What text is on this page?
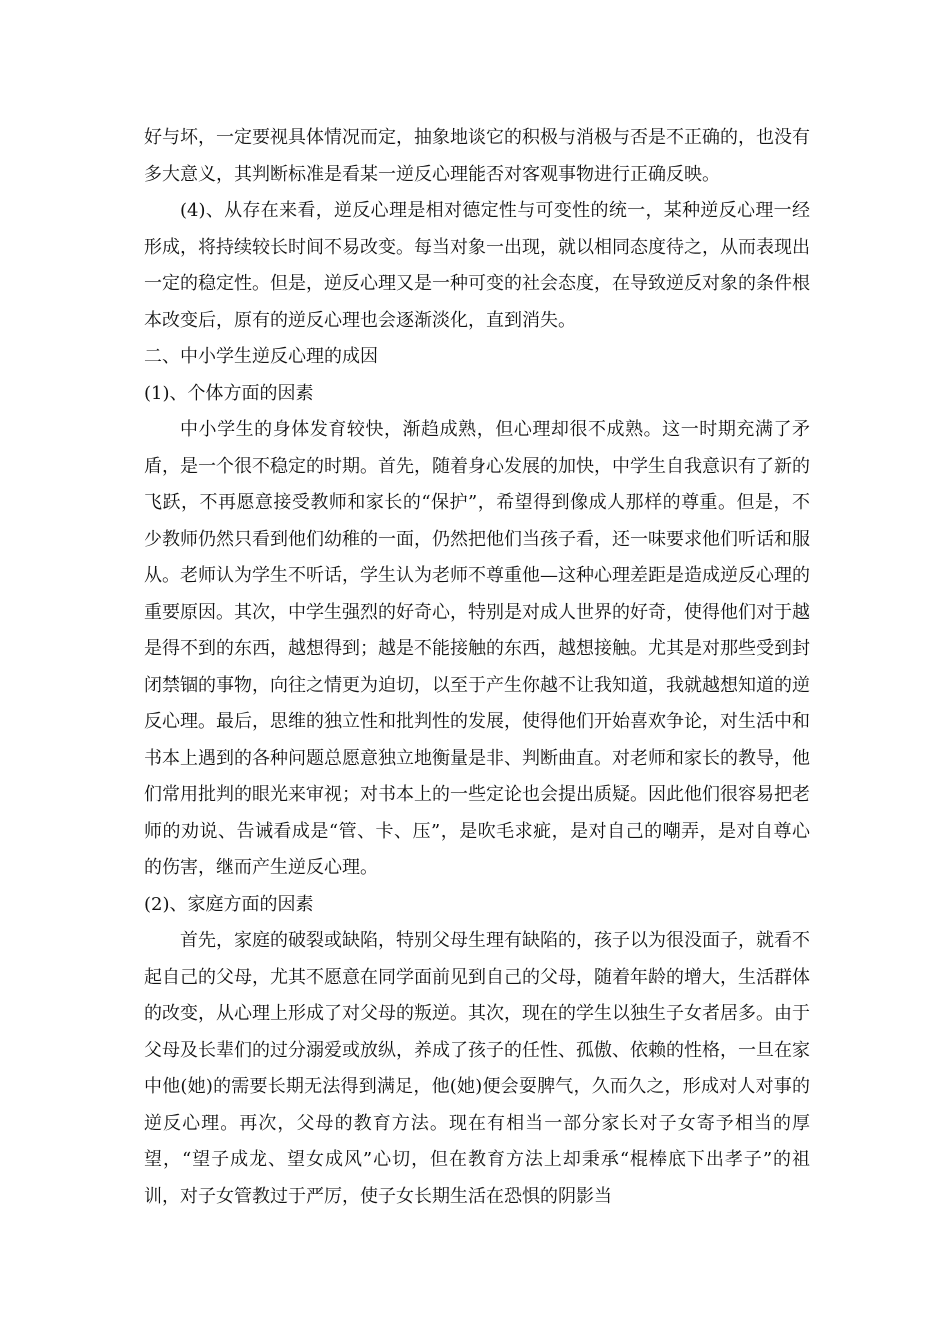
好与坏，一定要视具体情况而定，抽象地谈它的积极与消极与否是不正确的，也没有多大意义，其判断标准是看某一逆反心理能否对客观事物进行正确反映。

(4)、从存在来看，逆反心理是相对德定性与可变性的统一，某种逆反心理一经形成，将持续较长时间不易改变。每当对象一出现，就以相同态度待之，从而表现出一定的稳定性。但是，逆反心理又是一种可变的社会态度，在导致逆反对象的条件根本改变后，原有的逆反心理也会逐渐淡化，直到消失。

二、中小学生逆反心理的成因

(1)、个体方面的因素

中小学生的身体发育较快，渐趋成熟，但心理却很不成熟。这一时期充满了矛盾，是一个很不稳定的时期。首先，随着身心发展的加快，中学生自我意识有了新的飞跃，不再愿意接受教师和家长的“保护”，希望得到像成人那样的尊重。但是，不少教师仍然只看到他们幼稚的一面，仍然把他们当孩子看，还一味要求他们听话和服从。老师认为学生不听话，学生认为老师不尊重他—这种心理差距是造成逆反心理的重要原因。其次，中学生强烈的好奇心，特别是对成人世界的好奇，使得他们对于越是得不到的东西，越想得到；越是不能接触的东西，越想接触。尤其是对那些受到封闭禁锢的事物，向往之情更为迫切，以至于产生你越不让我知道，我就越想知道的逆反心理。最后，思维的独立性和批判性的发展，使得他们开始喜欢争论，对生活中和书本上遇到的各种问题总愿意独立地衡量是非、判断曲直。对老师和家长的教导，他们常用批判的眼光来审视；对书本上的一些定论也会提出质疑。因此他们很容易把老师的劝说、告诫看成是“管、卡、压”，是吹毛求疵，是对自己的嘲弄，是对自尊心的伤害，继而产生逆反心理。

(2)、家庭方面的因素

首先，家庭的破裂或缺陷，特别父母生理有缺陷的，孩子以为很没面子，就看不起自己的父母，尤其不愿意在同学面前见到自己的父母，随着年龄的增大，生活群体的改变，从心理上形成了对父母的叛逆。其次，现在的学生以独生子女者居多。由于父母及长辈们的过分溺爱或放纵，养成了孩子的任性、孤傲、依赖的性格，一旦在家中他(她)的需要长期无法得到满足，他(她)便会耍脾气，久而久之，形成对人对事的逆反心理。再次，父母的教育方法。现在有相当一部分家长对子女寄予相当的厚望，“望子成龙、望女成风”心切，但在教育方法上却秉承“棍棒底下出孝子”的祖训，对子女管教过于严厉，使子女长期生活在恐惧的阴影当
